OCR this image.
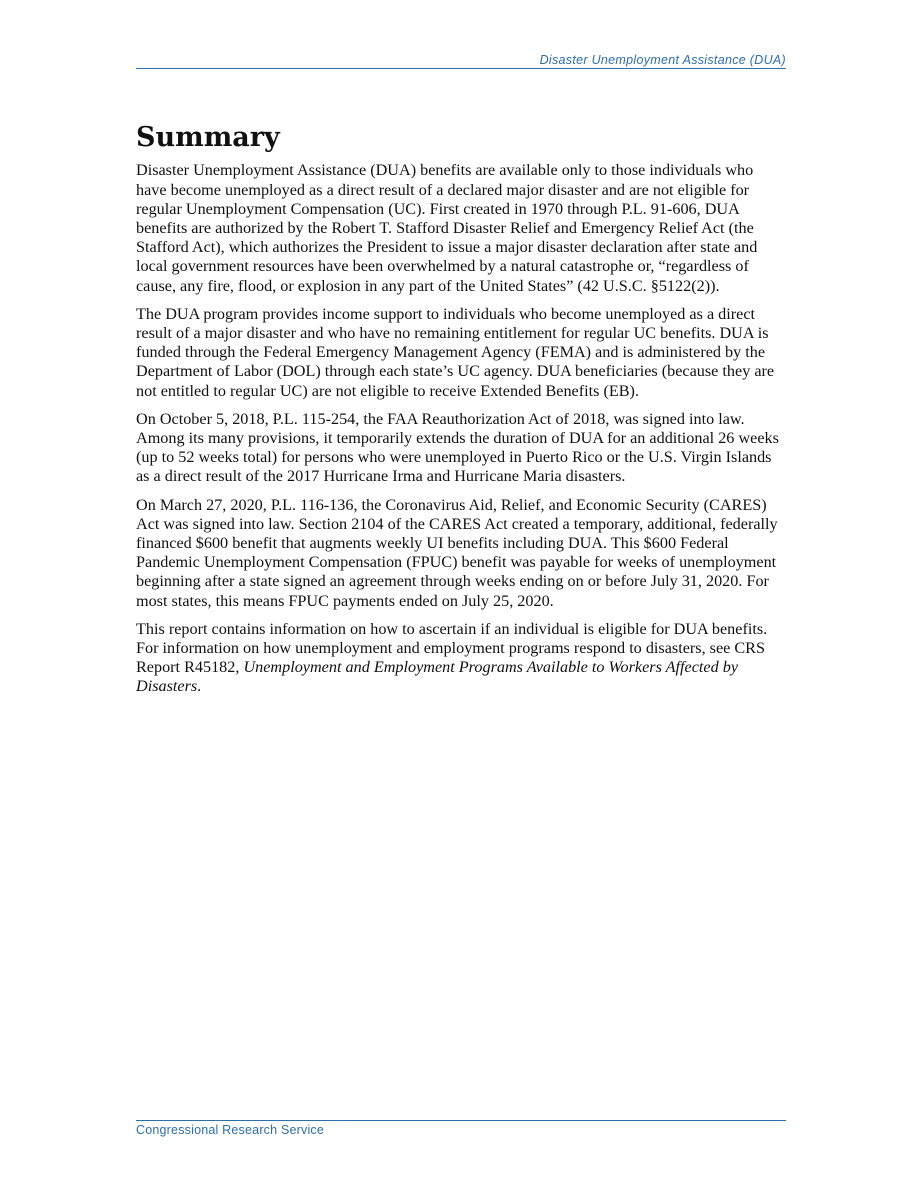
Disaster Unemployment Assistance (DUA)
Summary

Disaster Unemployment Assistance (DUA) benefits are available only to those individuals who have become unemployed as a direct result of a declared major disaster and are not eligible for regular Unemployment Compensation (UC). First created in 1970 through P.L. 91-606, DUA benefits are authorized by the Robert T. Stafford Disaster Relief and Emergency Relief Act (the Stafford Act), which authorizes the President to issue a major disaster declaration after state and local government resources have been overwhelmed by a natural catastrophe or, “regardless of cause, any fire, flood, or explosion in any part of the United States” (42 U.S.C. §5122(2)).

The DUA program provides income support to individuals who become unemployed as a direct result of a major disaster and who have no remaining entitlement for regular UC benefits. DUA is funded through the Federal Emergency Management Agency (FEMA) and is administered by the Department of Labor (DOL) through each state’s UC agency. DUA beneficiaries (because they are not entitled to regular UC) are not eligible to receive Extended Benefits (EB).

On October 5, 2018, P.L. 115-254, the FAA Reauthorization Act of 2018, was signed into law. Among its many provisions, it temporarily extends the duration of DUA for an additional 26 weeks (up to 52 weeks total) for persons who were unemployed in Puerto Rico or the U.S. Virgin Islands as a direct result of the 2017 Hurricane Irma and Hurricane Maria disasters.

On March 27, 2020, P.L. 116-136, the Coronavirus Aid, Relief, and Economic Security (CARES) Act was signed into law. Section 2104 of the CARES Act created a temporary, additional, federally financed $600 benefit that augments weekly UI benefits including DUA. This $600 Federal Pandemic Unemployment Compensation (FPUC) benefit was payable for weeks of unemployment beginning after a state signed an agreement through weeks ending on or before July 31, 2020. For most states, this means FPUC payments ended on July 25, 2020.

This report contains information on how to ascertain if an individual is eligible for DUA benefits. For information on how unemployment and employment programs respond to disasters, see CRS Report R45182, Unemployment and Employment Programs Available to Workers Affected by Disasters.

Congressional Research Service
